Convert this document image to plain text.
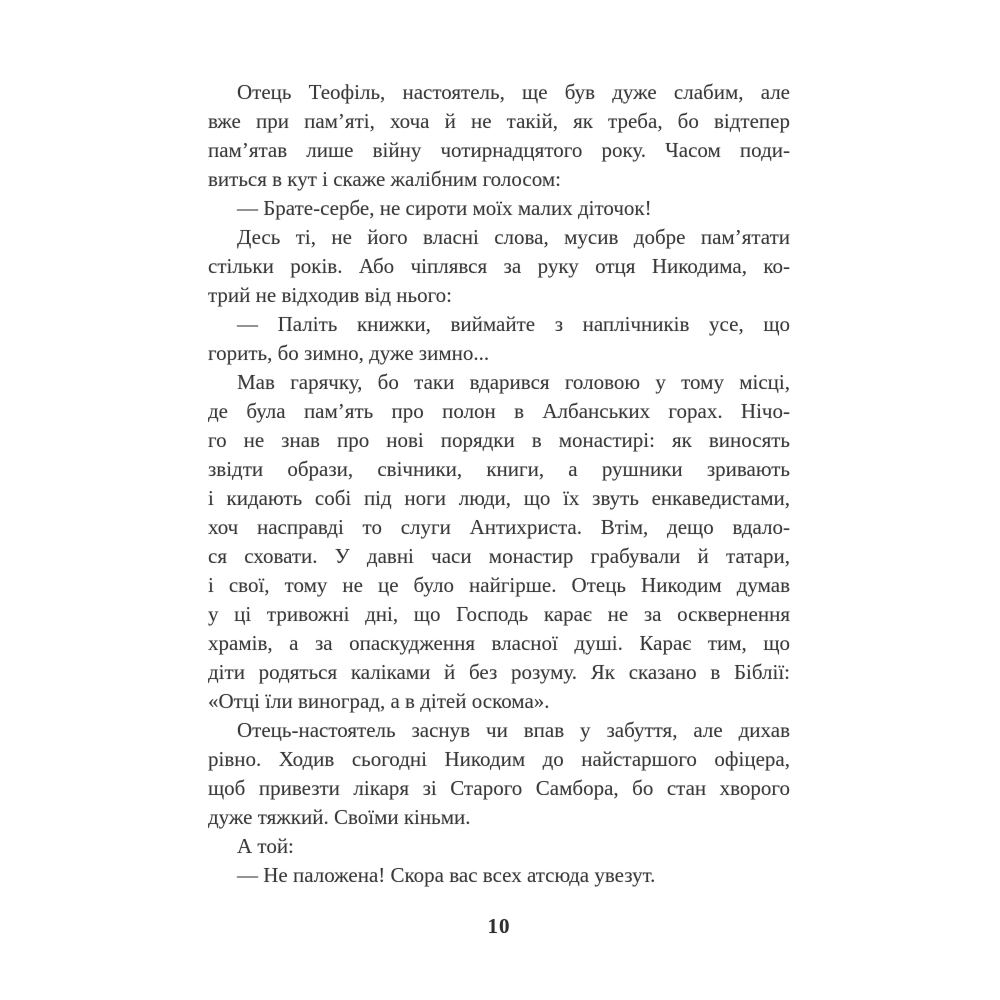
Отець Теофіль, настоятель, ще був дуже слабим, але
вже при пам’яті, хоча й не такій, як треба, бо відтепер
пам’ятав лише війну чотирнадцятого року. Часом поди-
виться в кут і скаже жалібним голосом:
— Брате-сербе, не сироти моїх малих діточок!
Десь ті, не його власні слова, мусив добре пам’ятати
стільки років. Або чіплявся за руку отця Никодима, ко-
трий не відходив від нього:
— Паліть книжки, виймайте з наплічників усе, що
горить, бо зимно, дуже зимно...
Мав гарячку, бо таки вдарився головою у тому місці,
де була пам’ять про полон в Албанських горах. Нічо-
го не знав про нові порядки в монастирі: як виносять
звідти образи, свічники, книги, а рушники зривають
і кидають собі під ноги люди, що їх звуть енкаведистами,
хоч насправді то слуги Антихриста. Втім, дещо вдало-
ся сховати. У давні часи монастир грабували й татари,
і свої, тому не це було найгірше. Отець Никодим думав
у ці тривожні дні, що Господь карає не за осквернення
храмів, а за опаскудження власної душі. Карає тим, що
діти родяться каліками й без розуму. Як сказано в Біблії:
«Отці їли виноград, а в дітей оскома».
Отець-настоятель заснув чи впав у забуття, але дихав
рівно. Ходив сьогодні Никодим до найстаршого офіцера,
щоб привезти лікаря зі Старого Самбора, бо стан хворого
дуже тяжкий. Своїми кіньми.
А той:
— Не паложена! Скора вас всех атсюда увезут.
10
